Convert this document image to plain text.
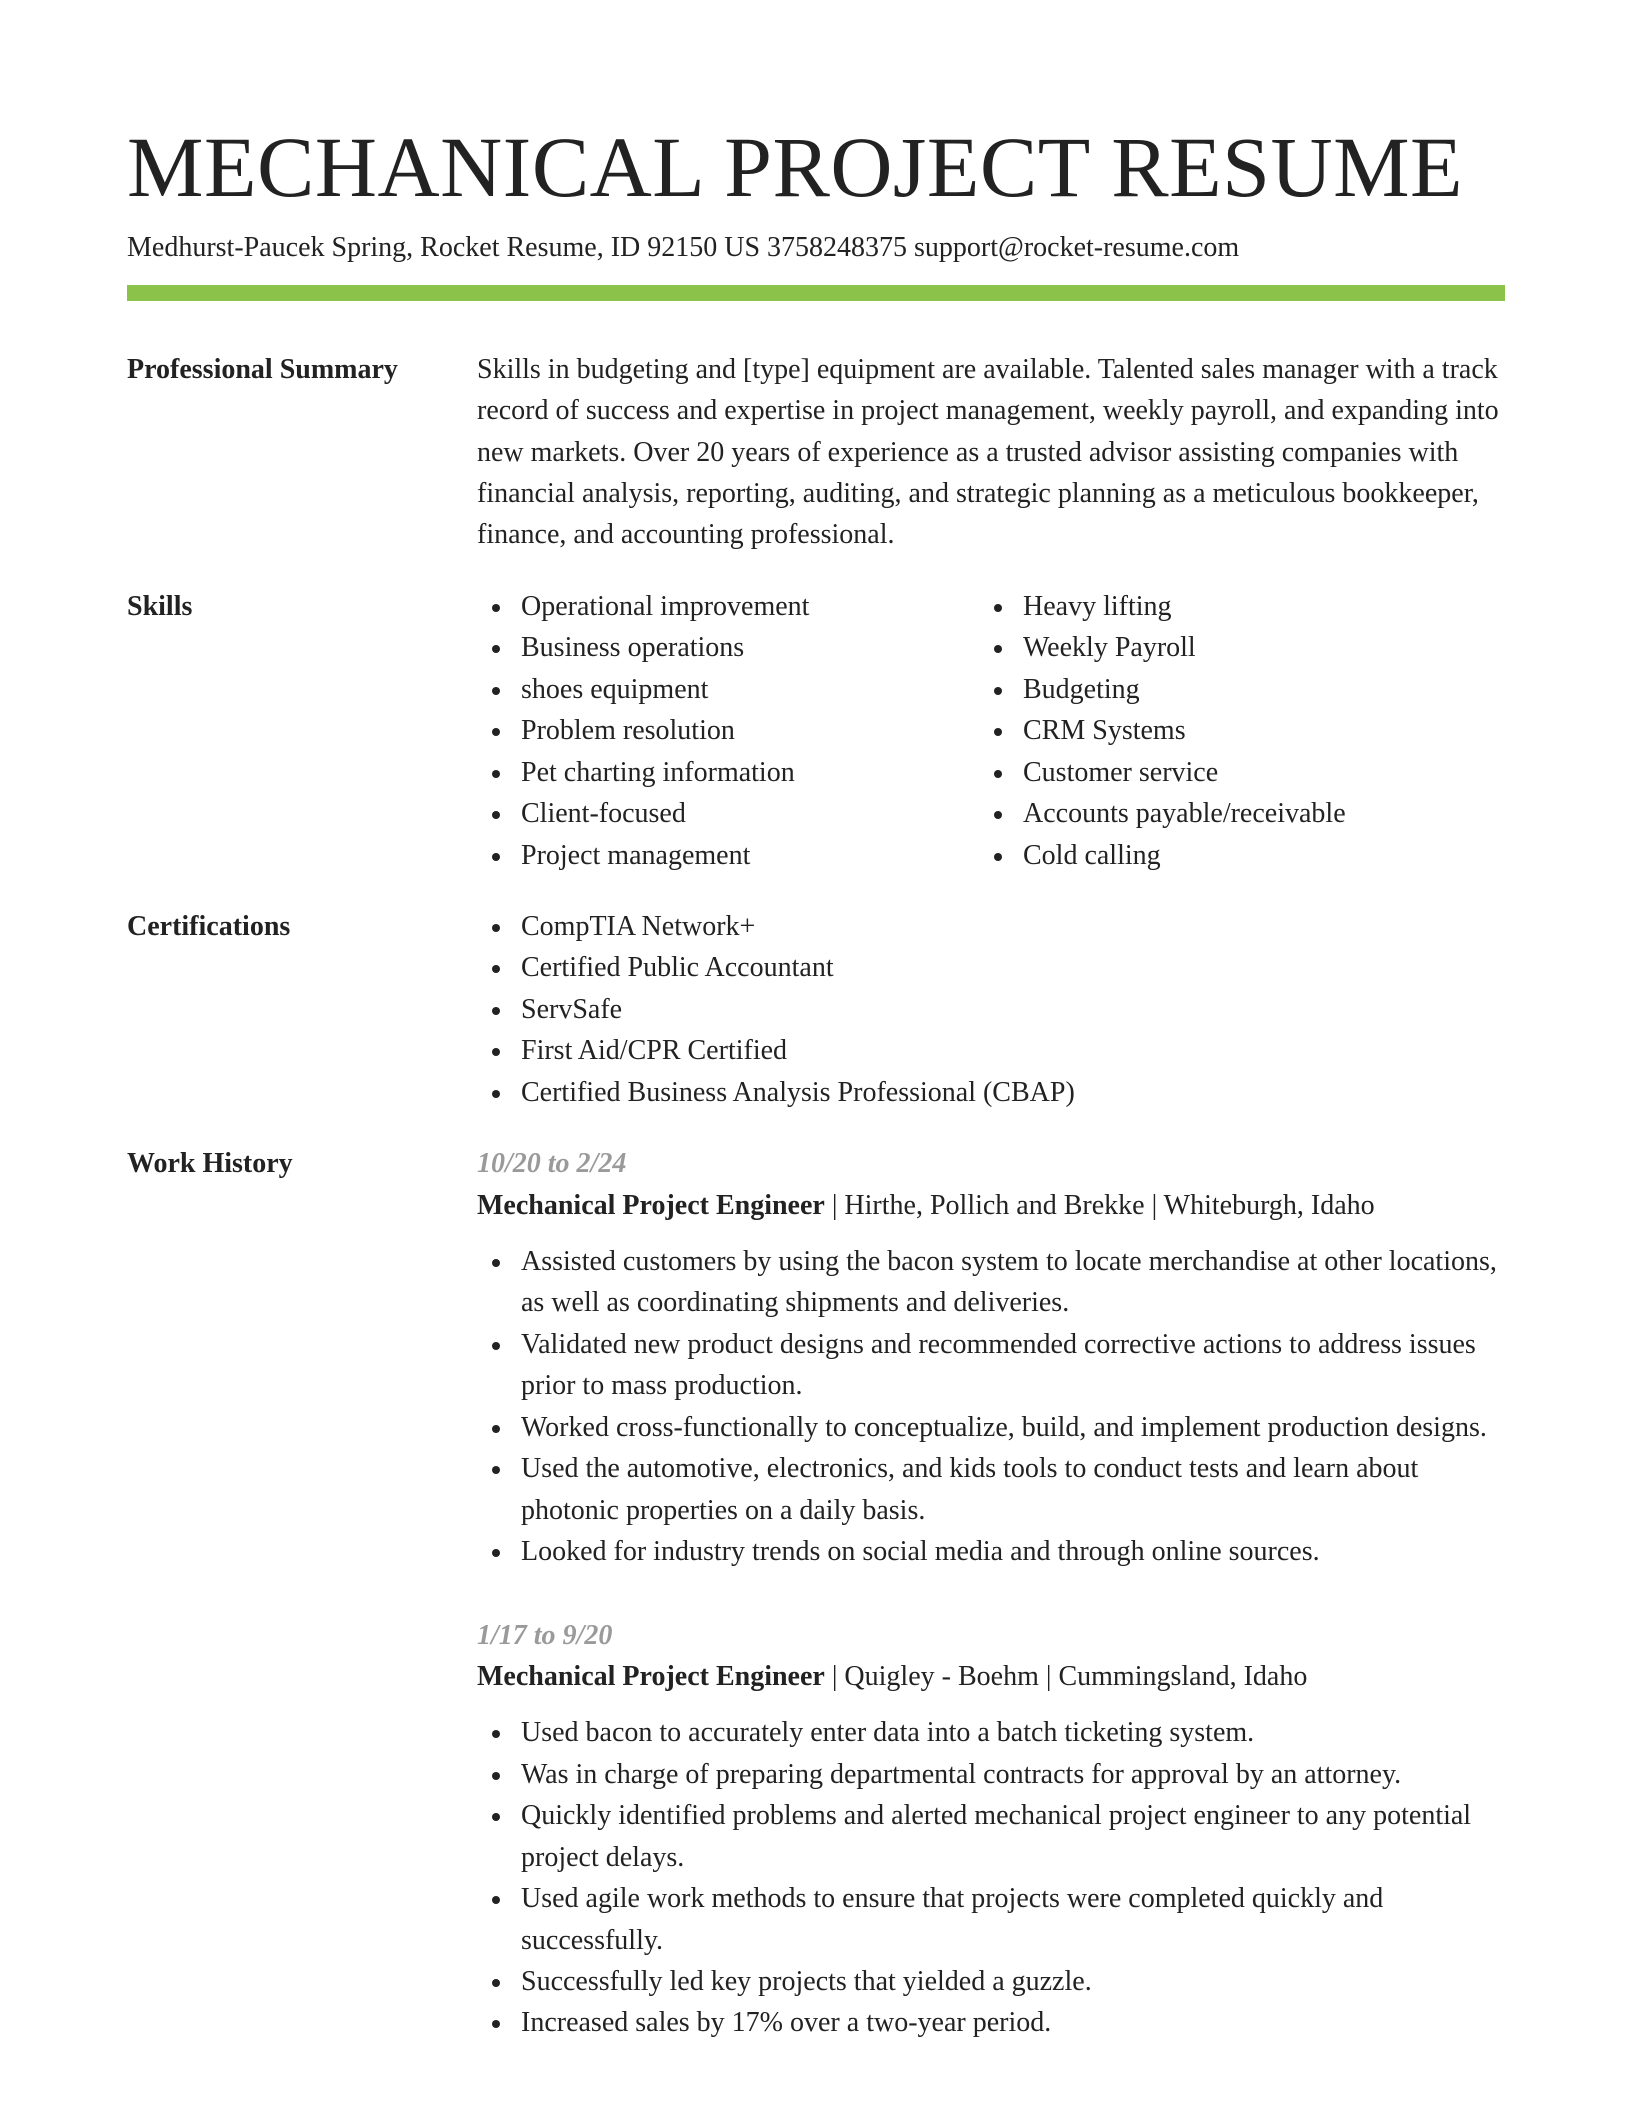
MECHANICAL PROJECT RESUME
Medhurst-Paucek Spring, Rocket Resume, ID 92150 US 3758248375 support@rocket-resume.com
Professional Summary	Skills in budgeting and [type] equipment are available. Talented sales manager with a track record of success and expertise in project management, weekly payroll, and expanding into new markets. Over 20 years of experience as a trusted advisor assisting companies with financial analysis, reporting, auditing, and strategic planning as a meticulous bookkeeper, finance, and accounting professional.
Skills	Operational improvement
Business operations
shoes equipment
Problem resolution
Pet charting information
Client-focused
Project management
Heavy lifting
Weekly Payroll
Budgeting
CRM Systems
Customer service
Accounts payable/receivable
Cold calling
Certifications	CompTIA Network+
Certified Public Accountant
ServSafe
First Aid/CPR Certified
Certified Business Analysis Professional (CBAP)
Work History	10/20 to 2/24
Mechanical Project Engineer | Hirthe, Pollich and Brekke | Whiteburgh, Idaho
Assisted customers by using the bacon system to locate merchandise at other locations, as well as coordinating shipments and deliveries.
Validated new product designs and recommended corrective actions to address issues prior to mass production.
Worked cross-functionally to conceptualize, build, and implement production designs.
Used the automotive, electronics, and kids tools to conduct tests and learn about photonic properties on a daily basis.
Looked for industry trends on social media and through online sources.
1/17 to 9/20
Mechanical Project Engineer | Quigley - Boehm | Cummingsland, Idaho
Used bacon to accurately enter data into a batch ticketing system.
Was in charge of preparing departmental contracts for approval by an attorney.
Quickly identified problems and alerted mechanical project engineer to any potential project delays.
Used agile work methods to ensure that projects were completed quickly and successfully.
Successfully led key projects that yielded a guzzle.
Increased sales by 17% over a two-year period.
